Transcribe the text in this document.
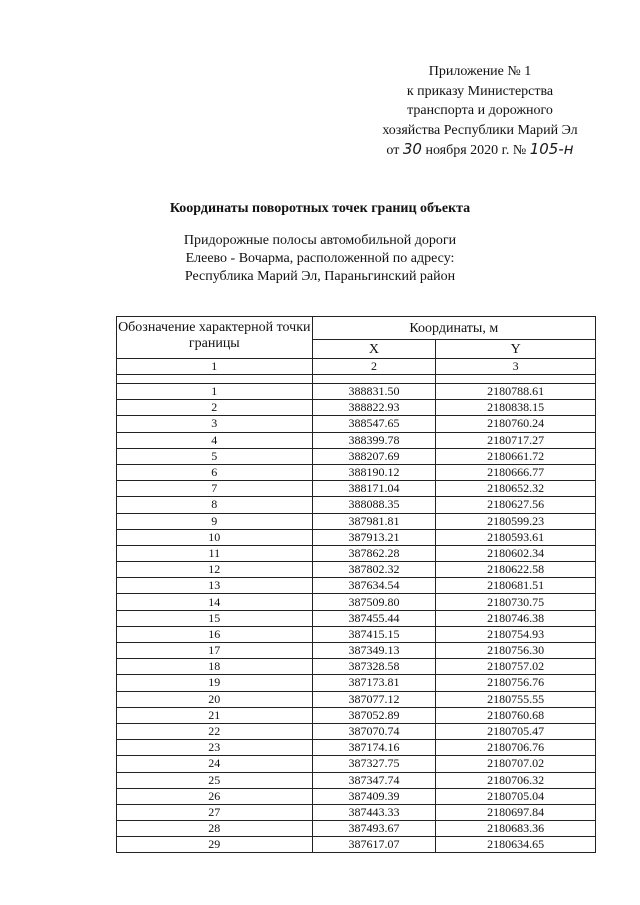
Приложение № 1
к приказу Министерства
транспорта и дорожного
хозяйства Республики Марий Эл
от 30 ноября 2020 г. № 105-н
Координаты поворотных точек границ объекта
Придорожные полосы автомобильной дороги
Елеево - Вочарма, расположенной по адресу:
Республика Марий Эл, Параньгинский район
Обозначение характерной точки границы	Координаты, м	
	X	Y
1	2	3

1	388831.50	2180788.61
2	388822.93	2180838.15
3	388547.65	2180760.24
4	388399.78	2180717.27
5	388207.69	2180661.72
6	388190.12	2180666.77
7	388171.04	2180652.32
8	388088.35	2180627.56
9	387981.81	2180599.23
10	387913.21	2180593.61
11	387862.28	2180602.34
12	387802.32	2180622.58
13	387634.54	2180681.51
14	387509.80	2180730.75
15	387455.44	2180746.38
16	387415.15	2180754.93
17	387349.13	2180756.30
18	387328.58	2180757.02
19	387173.81	2180756.76
20	387077.12	2180755.55
21	387052.89	2180760.68
22	387070.74	2180705.47
23	387174.16	2180706.76
24	387327.75	2180707.02
25	387347.74	2180706.32
26	387409.39	2180705.04
27	387443.33	2180697.84
28	387493.67	2180683.36
29	387617.07	2180634.65
